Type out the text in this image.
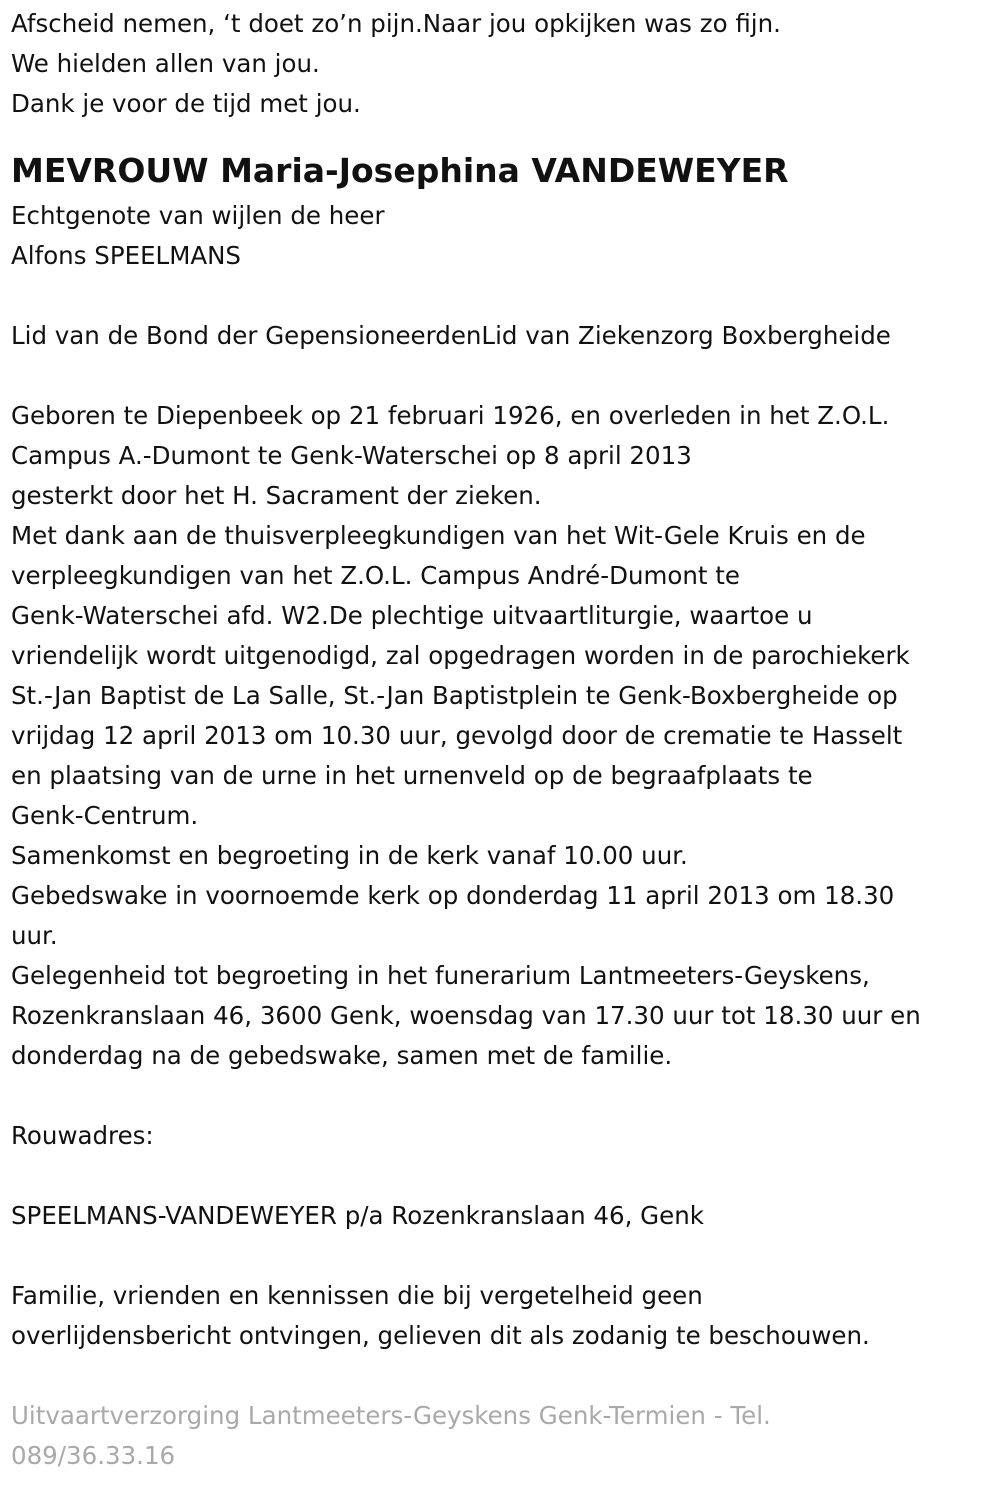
Afscheid nemen, ‘t doet zo’n pijn.Naar jou opkijken was zo fijn.

We hielden allen van jou.

Dank je voor de tijd met jou.

MEVROUW Maria-Josephina VANDEWEYER

Echtgenote van wijlen de heer

Alfons SPEELMANS

Lid van de Bond der GepensioneerdenLid van Ziekenzorg Boxbergheide

Geboren te Diepenbeek op 21 februari 1926, en overleden in het Z.O.L.

Campus A.-Dumont te Genk-Waterschei op 8 april 2013

gesterkt door het H. Sacrament der zieken.

Met dank aan de thuisverpleegkundigen van het Wit-Gele Kruis en de

verpleegkundigen van het Z.O.L. Campus André-Dumont te

Genk-Waterschei afd. W2.De plechtige uitvaartliturgie, waartoe u

vriendelijk wordt uitgenodigd, zal opgedragen worden in de parochiekerk

St.-Jan Baptist de La Salle, St.-Jan Baptistplein te Genk-Boxbergheide op

vrijdag 12 april 2013 om 10.30 uur, gevolgd door de crematie te Hasselt

en plaatsing van de urne in het urnenveld op de begraafplaats te

Genk-Centrum.

Samenkomst en begroeting in de kerk vanaf 10.00 uur.

Gebedswake in voornoemde kerk op donderdag 11 april 2013 om 18.30

uur.

Gelegenheid tot begroeting in het funerarium Lantmeeters-Geyskens,

Rozenkranslaan 46, 3600 Genk, woensdag van 17.30 uur tot 18.30 uur en

donderdag na de gebedswake, samen met de familie.

Rouwadres:

SPEELMANS-VANDEWEYER p/a Rozenkranslaan 46, Genk

Familie, vrienden en kennissen die bij vergetelheid geen

overlijdensbericht ontvingen, gelieven dit als zodanig te beschouwen.

Uitvaartverzorging Lantmeeters-Geyskens Genk-Termien - Tel.

089/36.33.16
